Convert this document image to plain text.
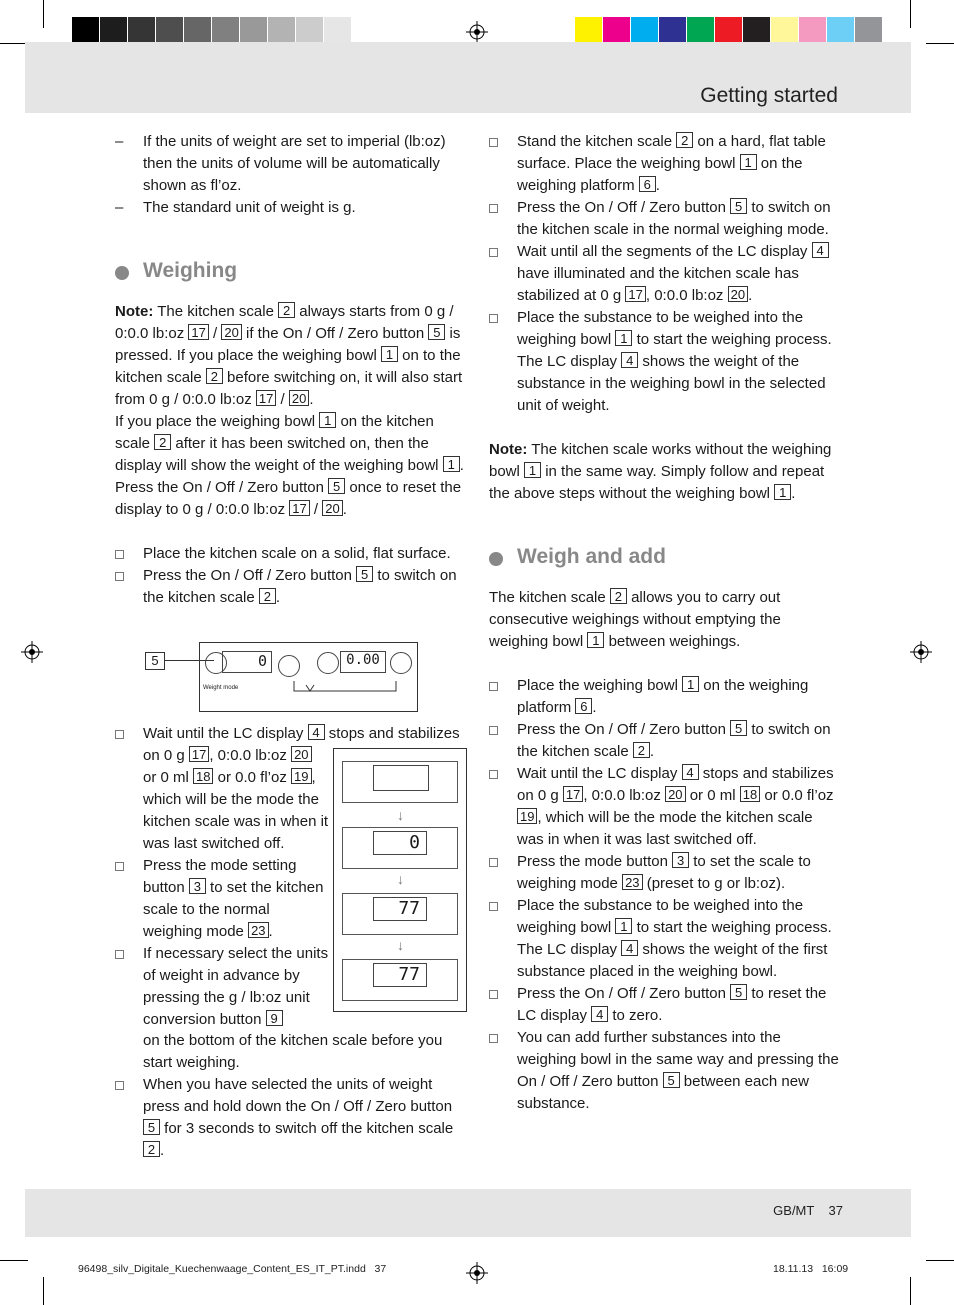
Getting started

– If the units of weight are set to imperial (lb:oz) then the units of volume will be automatically shown as fl’oz.

– The standard unit of weight is g.

Weighing

Note: The kitchen scale 2 always starts from 0 g / 0:0.0 lb:oz 17 / 20 if the On / Off / Zero button 5 is pressed. If you place the weighing bowl 1 on to the kitchen scale 2 before switching on, it will also start from 0 g / 0:0.0 lb:oz 17 / 20 .

If you place the weighing bowl 1 on the kitchen scale 2 after it has been switched on, then the display will show the weight of the weighing bowl 1 .

Press the On / Off / Zero button 5 once to reset the display to 0 g / 0:0.0 lb:oz 17 / 20 .

Place the kitchen scale on a solid, flat surface.

Press the On / Off / Zero button 5 to switch on the kitchen scale 2 .

0	0.00
Weight mode
5

Wait until the LC display 4 stops and stabilizes

on 0 g 17 , 0:0.0 lb:oz 20 or 0 ml 18 or 0.0 fl’oz 19 , which will be the mode the kitchen scale was in when it was last switched off.

Press the mode setting button 3 to set the kitchen scale to the normal weighing mode 23 .

If necessary select the units of weight in advance by pressing the g / lb:oz unit conversion button 9

on the bottom of the kitchen scale before you start weighing.

When you have selected the units of weight press and hold down the On / Off / Zero button 5 for 3 seconds to switch off the kitchen scale 2 .

↓
0
↓
77
↓
77

Stand the kitchen scale 2 on a hard, flat table surface. Place the weighing bowl 1 on the weighing platform 6 .

Press the On / Off / Zero button 5 to switch on the kitchen scale in the normal weighing mode.

Wait until all the segments of the LC display 4 have illuminated and the kitchen scale has stabilized at 0 g 17 , 0:0.0 lb:oz 20 .

Place the substance to be weighed into the weighing bowl 1 to start the weighing process. The LC display 4 shows the weight of the substance in the weighing bowl in the selected unit of weight.

Note: The kitchen scale works without the weighing bowl 1 in the same way. Simply follow and repeat the above steps without the weighing bowl 1 .

Weigh and add

The kitchen scale 2 allows you to carry out consecutive weighings without emptying the weighing bowl 1 between weighings.

Place the weighing bowl 1 on the weighing platform 6 .

Press the On / Off / Zero button 5 to switch on the kitchen scale 2 .

Wait until the LC display 4 stops and stabilizes on 0 g 17 , 0:0.0 lb:oz 20 or 0 ml 18 or 0.0 fl’oz 19 , which will be the mode the kitchen scale was in when it was last switched off.

Press the mode button 3 to set the scale to weighing mode 23 (preset to g or lb:oz).

Place the substance to be weighed into the weighing bowl 1 to start the weighing process. The LC display 4 shows the weight of the first substance placed in the weighing bowl.

Press the On / Off / Zero button 5 to reset the LC display 4 to zero.

You can add further substances into the weighing bowl in the same way and pressing the On / Off / Zero button 5 between each new substance.

GB/MT    37
96498_silv_Digitale_Kuechenwaage_Content_ES_IT_PT.indd   37	18.11.13   16:09
